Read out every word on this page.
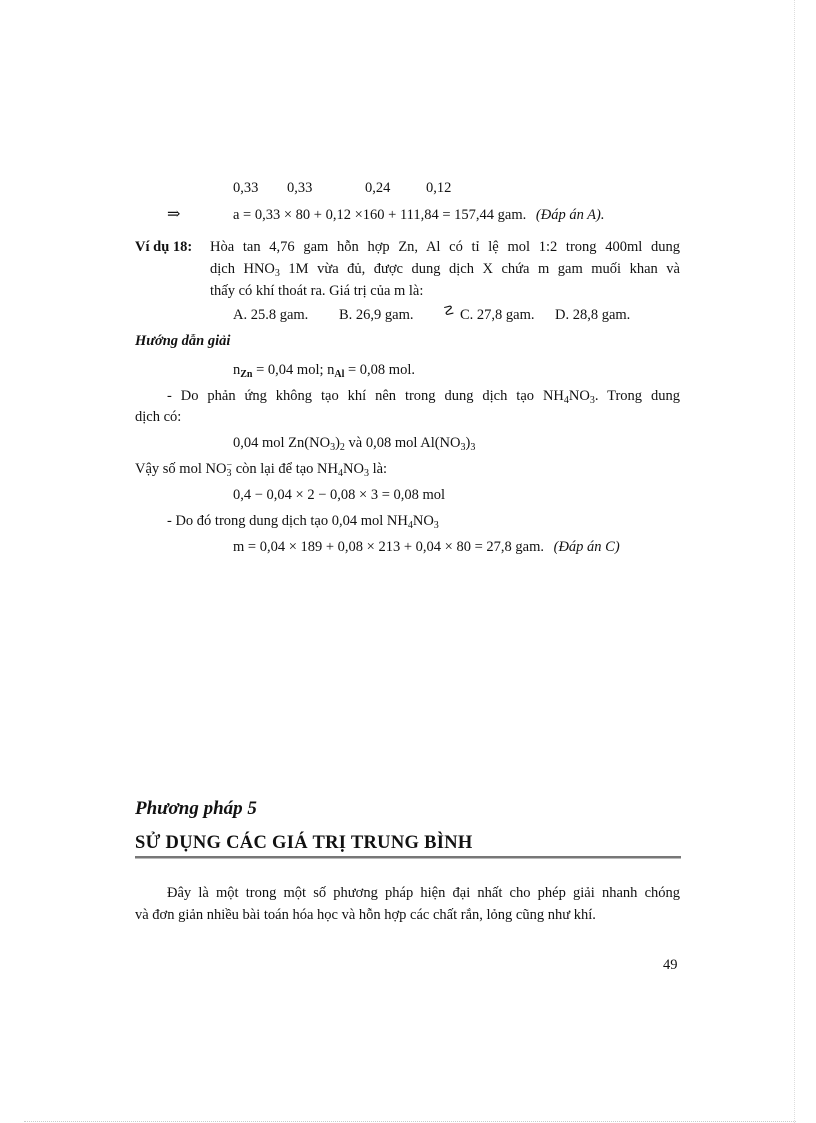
0,33 0,33	0,24 0,12
⇒	a = 0,33 × 80 + 0,12 ×160 + 111,84 = 157,44 gam. (Đáp án A).
Ví dụ 18: Hòa tan 4,76 gam hỗn hợp Zn, Al có tỉ lệ mol 1:2 trong 400ml dung
dịch $HNO_3$ 1M vừa đủ, được dung dịch X chứa m gam muối khan và
thấy có khí thoát ra. Giá trị của m là:
A. 25.8 gam. B. 26,9 gam. ☡ C. 27,8 gam. D. 28,8 gam.
Hướng dẫn giải
$n_{Zn} = 0,04$ mol; $n_{Al} = 0,08$ mol.
- Do phản ứng không tạo khí nên trong dung dịch tạo $NH_4NO_3$. Trong dung
dịch có:
0,04 mol $Zn(NO_3)_2$ và 0,08 mol $Al(NO_3)_3$
Vậy số mol $NO_3^-$ còn lại để tạo $NH_4NO_3$ là:
0,4 − 0,04 × 2 − 0,08 × 3 = 0,08 mol
- Do đó trong dung dịch tạo 0,04 mol $NH_4NO_3$
m = 0,04 × 189 + 0,08 × 213 + 0,04 × 80 = 27,8 gam. (Đáp án C)
Phương pháp 5
SỬ DỤNG CÁC GIÁ TRỊ TRUNG BÌNH
Đây là một trong một số phương pháp hiện đại nhất cho phép giải nhanh chóng
và đơn giản nhiều bài toán hóa học và hỗn hợp các chất rắn, lỏng cũng như khí.
49
